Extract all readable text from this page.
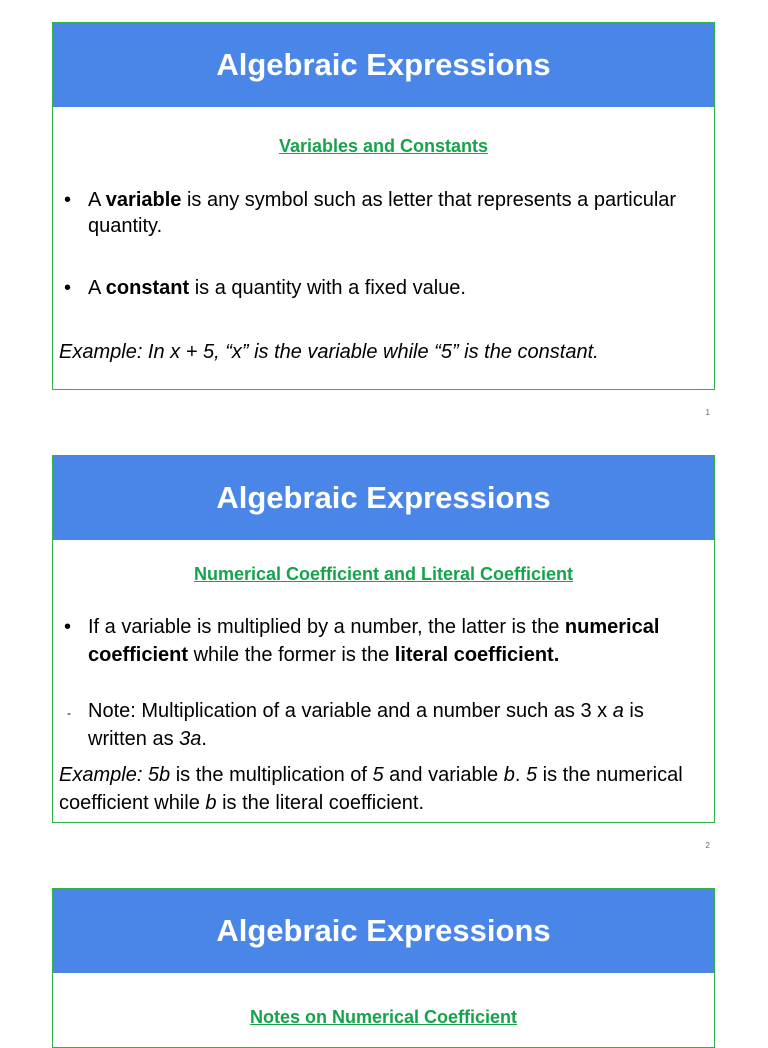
Algebraic Expressions
Variables and Constants
• A variable is any symbol such as letter that represents a particular quantity.
• A constant is a quantity with a fixed value.
Example: In x + 5, “x” is the variable while “5” is the constant.
1
Algebraic Expressions
Numerical Coefficient and Literal Coefficient
• If a variable is multiplied by a number, the latter is the numerical coefficient while the former is the literal coefficient.
- Note: Multiplication of a variable and a number such as 3 x a is written as 3a.
Example: 5b is the multiplication of 5 and variable b. 5 is the numerical coefficient while b is the literal coefficient.
2
Algebraic Expressions
Notes on Numerical Coefficient
